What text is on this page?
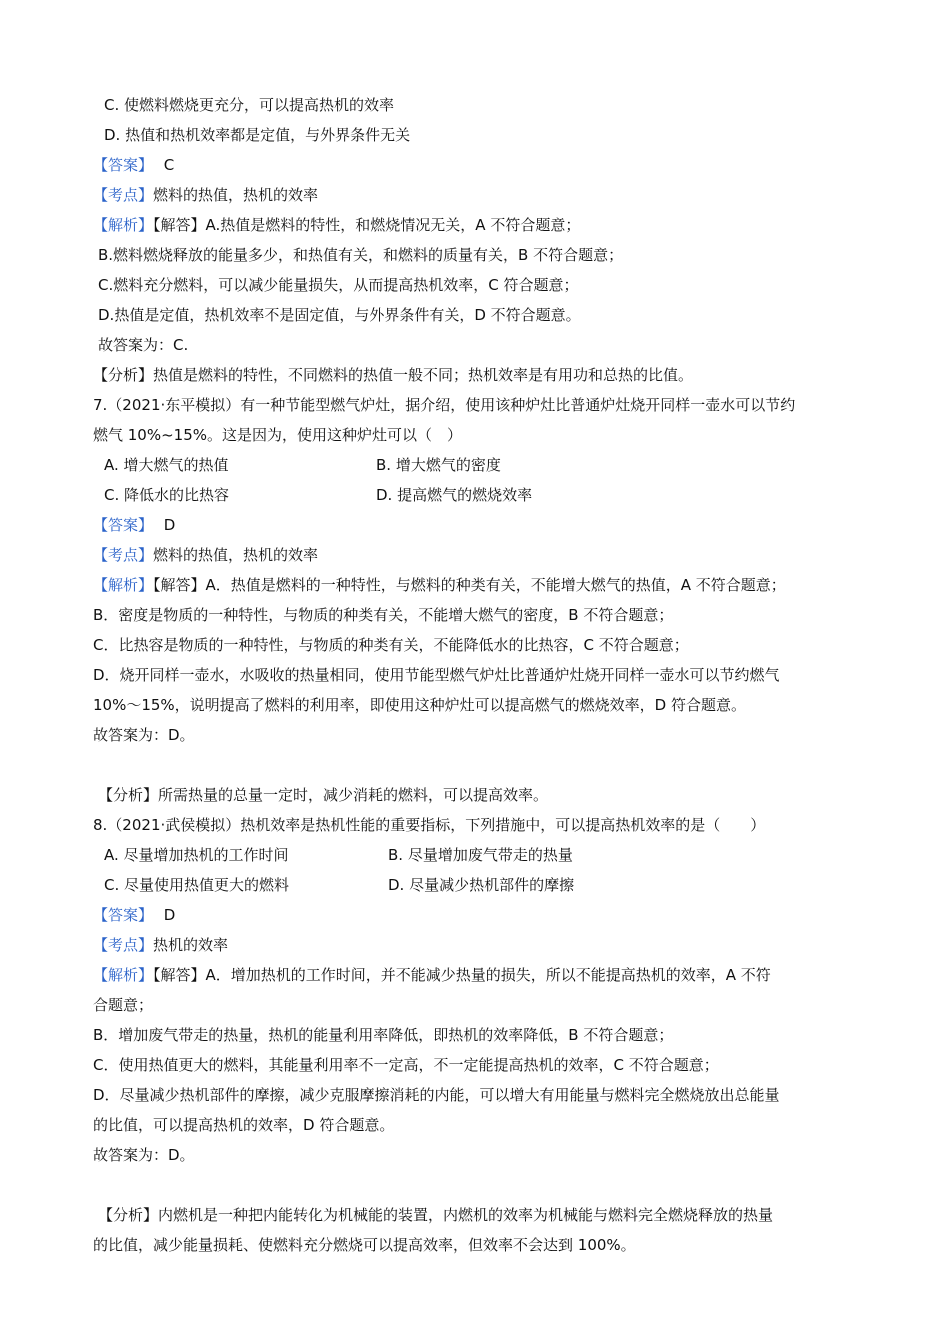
C. 使燃料燃烧更充分，可以提高热机的效率
D. 热值和热机效率都是定值，与外界条件无关
【答案】 C
【考点】燃料的热值，热机的效率
【解析】【解答】A.热值是燃料的特性，和燃烧情况无关，A 不符合题意；
B.燃料燃烧释放的能量多少，和热值有关，和燃料的质量有关，B 不符合题意；
C.燃料充分燃料，可以减少能量损失，从而提高热机效率，C 符合题意；
D.热值是定值，热机效率不是固定值，与外界条件有关，D 不符合题意。
故答案为：C.
【分析】热值是燃料的特性，不同燃料的热值一般不同；热机效率是有用功和总热的比值。
7.（2021·东平模拟）有一种节能型燃气炉灶，据介绍，使用该种炉灶比普通炉灶烧开同样一壶水可以节约
燃气 10%~15%。这是因为，使用这种炉灶可以（　）
A. 增大燃气的热值	B. 增大燃气的密度
C. 降低水的比热容	D. 提高燃气的燃烧效率
【答案】 D
【考点】燃料的热值，热机的效率
【解析】【解答】A．热值是燃料的一种特性，与燃料的种类有关，不能增大燃气的热值，A 不符合题意；
B．密度是物质的一种特性，与物质的种类有关，不能增大燃气的密度，B 不符合题意；
C．比热容是物质的一种特性，与物质的种类有关，不能降低水的比热容，C 不符合题意；
D．烧开同样一壶水，水吸收的热量相同，使用节能型燃气炉灶比普通炉灶烧开同样一壶水可以节约燃气
10%～15%，说明提高了燃料的利用率，即使用这种炉灶可以提高燃气的燃烧效率，D 符合题意。
故答案为：D。
【分析】所需热量的总量一定时，减少消耗的燃料，可以提高效率。
8.（2021·武侯模拟）热机效率是热机性能的重要指标，下列措施中，可以提高热机效率的是（　　）
A. 尽量增加热机的工作时间	B. 尽量增加废气带走的热量
C. 尽量使用热值更大的燃料	D. 尽量减少热机部件的摩擦
【答案】 D
【考点】热机的效率
【解析】【解答】A．增加热机的工作时间，并不能减少热量的损失，所以不能提高热机的效率，A 不符
合题意；
B．增加废气带走的热量，热机的能量利用率降低，即热机的效率降低，B 不符合题意；
C．使用热值更大的燃料，其能量利用率不一定高，不一定能提高热机的效率，C 不符合题意；
D．尽量减少热机部件的摩擦，减少克服摩擦消耗的内能，可以增大有用能量与燃料完全燃烧放出总能量
的比值，可以提高热机的效率，D 符合题意。
故答案为：D。
【分析】内燃机是一种把内能转化为机械能的装置，内燃机的效率为机械能与燃料完全燃烧释放的热量
的比值，减少能量损耗、使燃料充分燃烧可以提高效率，但效率不会达到 100%。
